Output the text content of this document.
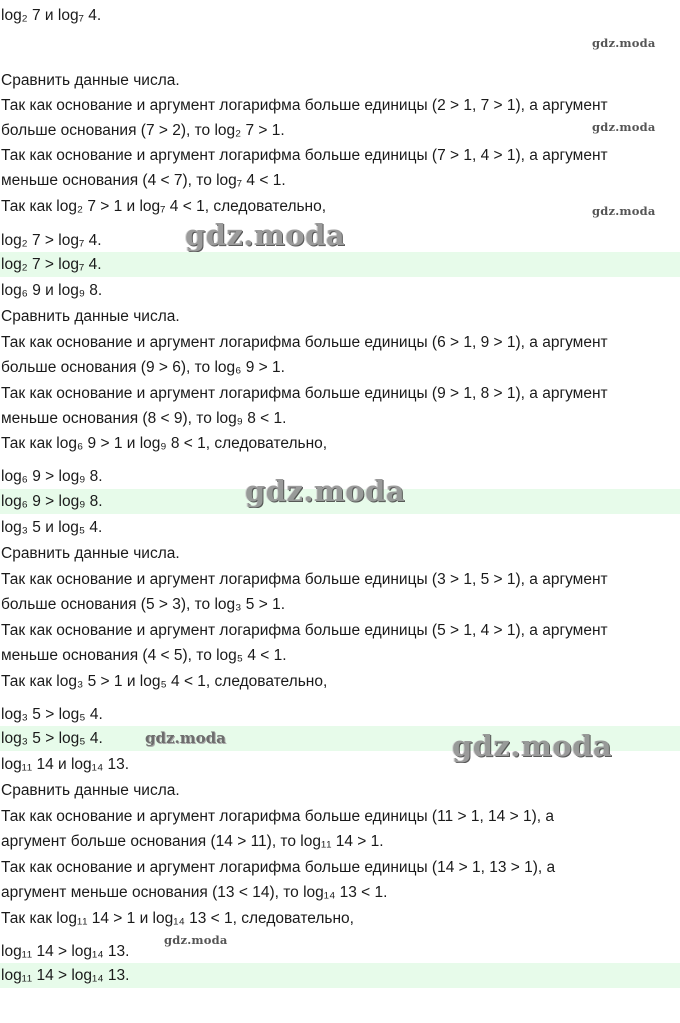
log₂ 7 и log₇ 4.
Сравнить данные числа.
Так как основание и аргумент логарифма больше единицы (2 > 1, 7 > 1), а аргумент
больше основания (7 > 2), то log₂ 7 > 1.
Так как основание и аргумент логарифма больше единицы (7 > 1, 4 > 1), а аргумент
меньше основания (4 < 7), то log₇ 4 < 1.
Так как log₂ 7 > 1 и log₇ 4 < 1, следовательно,
log₂ 7 > log₇ 4.
log₂ 7 > log₇ 4.
log₆ 9 и log₉ 8.
Сравнить данные числа.
Так как основание и аргумент логарифма больше единицы (6 > 1, 9 > 1), а аргумент
больше основания (9 > 6), то log₆ 9 > 1.
Так как основание и аргумент логарифма больше единицы (9 > 1, 8 > 1), а аргумент
меньше основания (8 < 9), то log₉ 8 < 1.
Так как log₆ 9 > 1 и log₉ 8 < 1, следовательно,
log₆ 9 > log₉ 8.
log₆ 9 > log₉ 8.
log₃ 5 и log₅ 4.
Сравнить данные числа.
Так как основание и аргумент логарифма больше единицы (3 > 1, 5 > 1), а аргумент
больше основания (5 > 3), то log₃ 5 > 1.
Так как основание и аргумент логарифма больше единицы (5 > 1, 4 > 1), а аргумент
меньше основания (4 < 5), то log₅ 4 < 1.
Так как log₃ 5 > 1 и log₅ 4 < 1, следовательно,
log₃ 5 > log₅ 4.
log₃ 5 > log₅ 4.
log₁₁ 14 и log₁₄ 13.
Сравнить данные числа.
Так как основание и аргумент логарифма больше единицы (11 > 1, 14 > 1), а
аргумент больше основания (14 > 11), то log₁₁ 14 > 1.
Так как основание и аргумент логарифма больше единицы (14 > 1, 13 > 1), а
аргумент меньше основания (13 < 14), то log₁₄ 13 < 1.
Так как log₁₁ 14 > 1 и log₁₄ 13 < 1, следовательно,
log₁₁ 14 > log₁₄ 13.
log₁₁ 14 > log₁₄ 13.
gdz.moda
gdz.moda
gdz.moda
gdz.moda
gdz.moda
gdz.moda	gdz.moda
gdz.moda
